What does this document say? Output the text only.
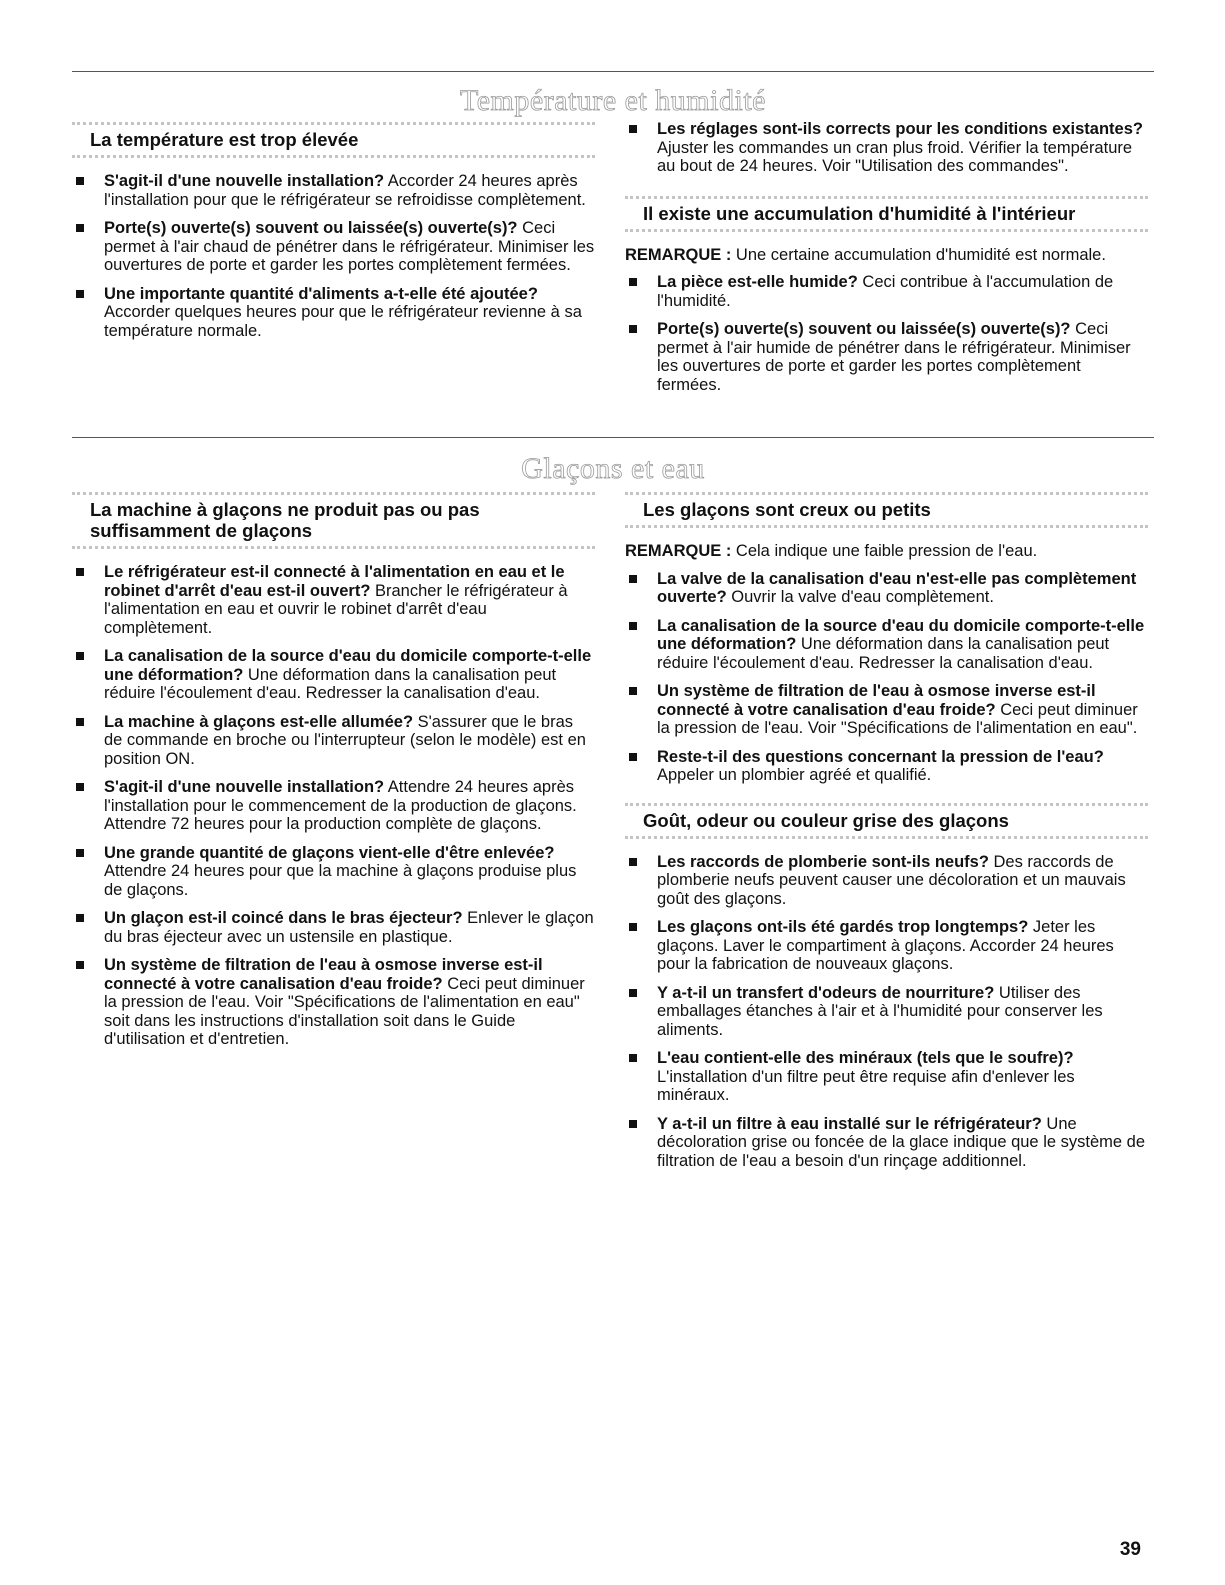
Température et humidité
La température est trop élevée
S'agit-il d'une nouvelle installation? Accorder 24 heures après l'installation pour que le réfrigérateur se refroidisse complètement.
Porte(s) ouverte(s) souvent ou laissée(s) ouverte(s)? Ceci permet à l'air chaud de pénétrer dans le réfrigérateur. Minimiser les ouvertures de porte et garder les portes complètement fermées.
Une importante quantité d'aliments a-t-elle été ajoutée? Accorder quelques heures pour que le réfrigérateur revienne à sa température normale.
Les réglages sont-ils corrects pour les conditions existantes? Ajuster les commandes un cran plus froid. Vérifier la température au bout de 24 heures. Voir "Utilisation des commandes".
Il existe une accumulation d'humidité à l'intérieur
REMARQUE : Une certaine accumulation d'humidité est normale.
La pièce est-elle humide? Ceci contribue à l'accumulation de l'humidité.
Porte(s) ouverte(s) souvent ou laissée(s) ouverte(s)? Ceci permet à l'air humide de pénétrer dans le réfrigérateur. Minimiser les ouvertures de porte et garder les portes complètement fermées.
Glaçons et eau
La machine à glaçons ne produit pas ou pas
suffisamment de glaçons
Le réfrigérateur est-il connecté à l'alimentation en eau et le robinet d'arrêt d'eau est-il ouvert? Brancher le réfrigérateur à l'alimentation en eau et ouvrir le robinet d'arrêt d'eau complètement.
La canalisation de la source d'eau du domicile comporte-t-elle une déformation? Une déformation dans la canalisation peut réduire l'écoulement d'eau. Redresser la canalisation d'eau.
La machine à glaçons est-elle allumée? S'assurer que le bras de commande en broche ou l'interrupteur (selon le modèle) est en position ON.
S'agit-il d'une nouvelle installation? Attendre 24 heures après l'installation pour le commencement de la production de glaçons. Attendre 72 heures pour la production complète de glaçons.
Une grande quantité de glaçons vient-elle d'être enlevée? Attendre 24 heures pour que la machine à glaçons produise plus de glaçons.
Un glaçon est-il coincé dans le bras éjecteur? Enlever le glaçon du bras éjecteur avec un ustensile en plastique.
Un système de filtration de l'eau à osmose inverse est-il connecté à votre canalisation d'eau froide? Ceci peut diminuer la pression de l'eau. Voir "Spécifications de l'alimentation en eau" soit dans les instructions d'installation soit dans le Guide d'utilisation et d'entretien.
Les glaçons sont creux ou petits
REMARQUE : Cela indique une faible pression de l'eau.
La valve de la canalisation d'eau n'est-elle pas complètement ouverte? Ouvrir la valve d'eau complètement.
La canalisation de la source d'eau du domicile comporte-t-elle une déformation? Une déformation dans la canalisation peut réduire l'écoulement d'eau. Redresser la canalisation d'eau.
Un système de filtration de l'eau à osmose inverse est-il connecté à votre canalisation d'eau froide? Ceci peut diminuer la pression de l'eau. Voir "Spécifications de l'alimentation en eau".
Reste-t-il des questions concernant la pression de l'eau? Appeler un plombier agréé et qualifié.
Goût, odeur ou couleur grise des glaçons
Les raccords de plomberie sont-ils neufs? Des raccords de plomberie neufs peuvent causer une décoloration et un mauvais goût des glaçons.
Les glaçons ont-ils été gardés trop longtemps? Jeter les glaçons. Laver le compartiment à glaçons. Accorder 24 heures pour la fabrication de nouveaux glaçons.
Y a-t-il un transfert d'odeurs de nourriture? Utiliser des emballages étanches à l'air et à l'humidité pour conserver les aliments.
L'eau contient-elle des minéraux (tels que le soufre)? L'installation d'un filtre peut être requise afin d'enlever les minéraux.
Y a-t-il un filtre à eau installé sur le réfrigérateur? Une décoloration grise ou foncée de la glace indique que le système de filtration de l'eau a besoin d'un rinçage additionnel.
39
